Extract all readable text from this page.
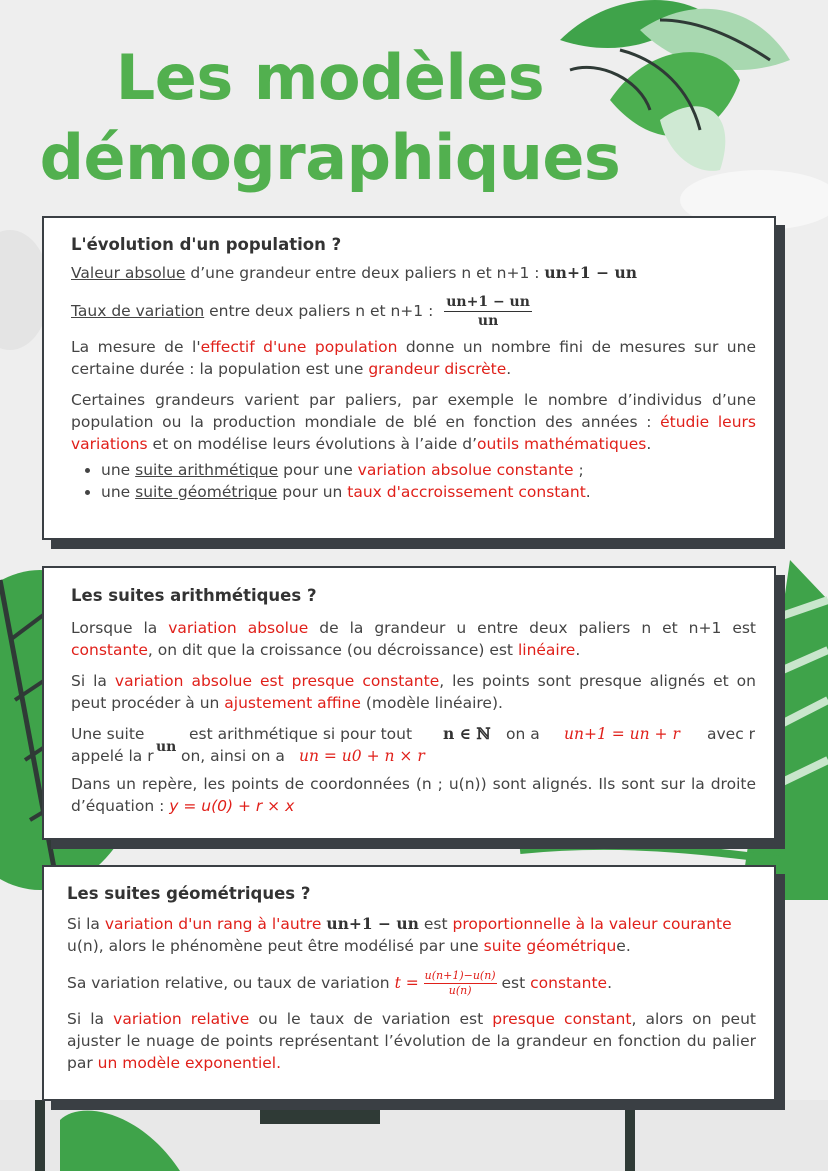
Les modèles
démographiques
L'évolution d'un population ?

Valeur absolue d’une grandeur entre deux paliers n et n+1 : un+1 − un

Taux de variation entre deux paliers n et n+1 : $\frac{un+1 - un}{un}$

La mesure de l'effectif d'une population donne un nombre fini de mesures sur une certaine durée : la population est une grandeur discrète.

Certaines grandeurs varient par paliers, par exemple le nombre d’individus d’une population ou la production mondiale de blé en fonction des années : étudie leurs variations et on modélise leurs évolutions à l’aide d’outils mathématiques.

• une suite arithmétique pour une variation absolue constante ;
• une suite géométrique pour un taux d'accroissement constant.
Les suites arithmétiques ?

Lorsque la variation absolue de la grandeur u entre deux paliers n et n+1 est constante, on dit que la croissance (ou décroissance) est linéaire.

Si la variation absolue est presque constante, les points sont presque alignés et on peut procéder à un ajustement affine (modèle linéaire).

Une suite	est arithmétique si pour tout n ∈ ℕ on a un+1 = un + r avec r
appelé la r un on, ainsi on a un = u0 + n × r

Dans un repère, les points de coordonnées (n ; u(n)) sont alignés. Ils sont sur la droite d’équation : y = u(0) + r × x

Les suites géométriques ?

Si la variation d'un rang à l'autre un+1 − un est proportionnelle à la valeur courante u(n), alors le phénomène peut être modélisé par une suite géométrique.

Sa variation relative, ou taux de variation $t = \frac{u(n+1)-u(n)}{u(n)}$ est constante.

Si la variation relative ou le taux de variation est presque constant, alors on peut ajuster le nuage de points représentant l’évolution de la grandeur en fonction du palier par un modèle exponentiel.
